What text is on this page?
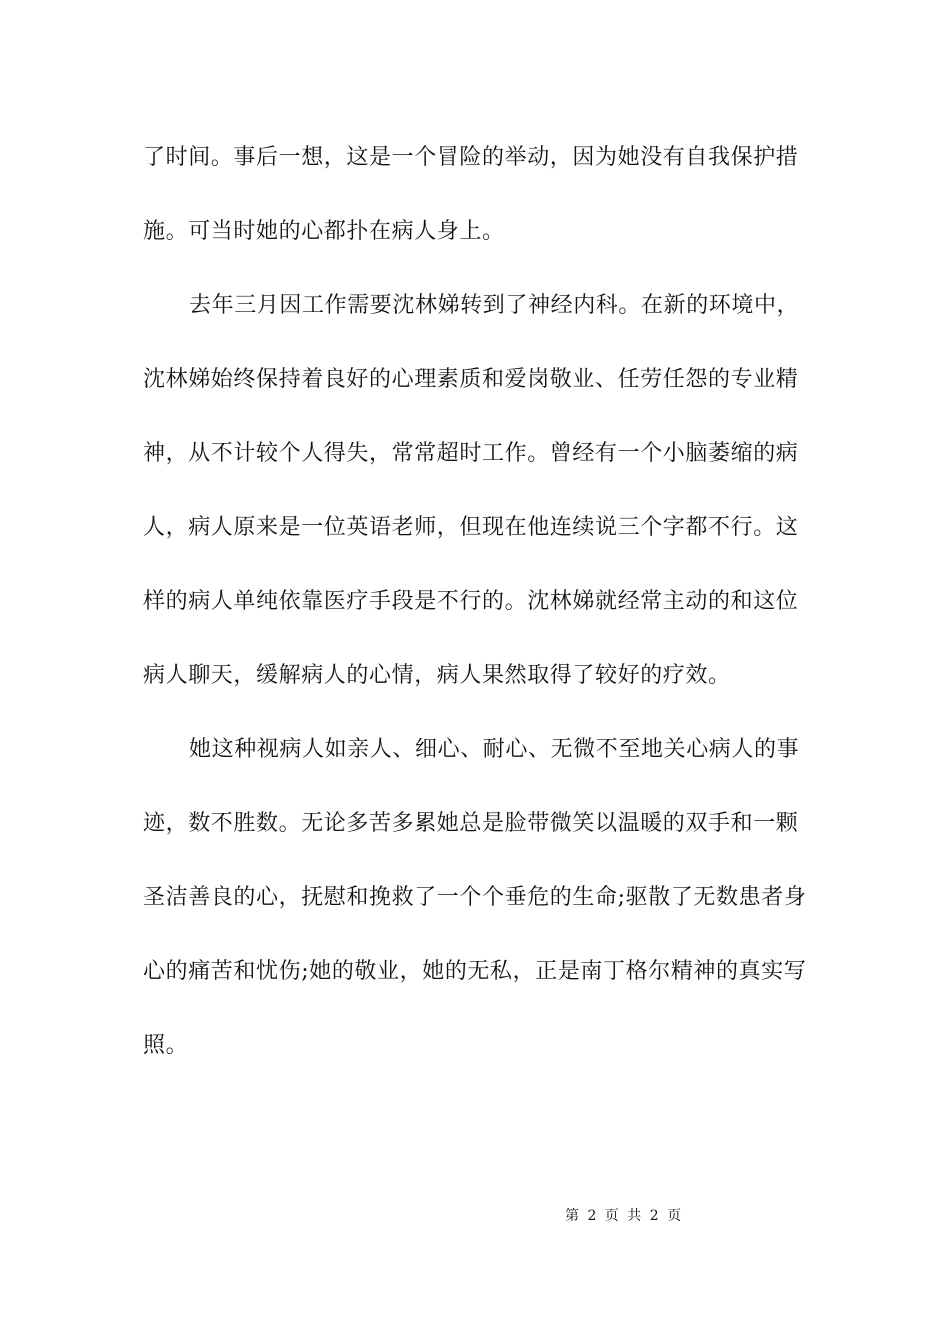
了时间。事后一想，这是一个冒险的举动，因为她没有自我保护措
施。可当时她的心都扑在病人身上。
去年三月因工作需要沈林娣转到了神经内科。在新的环境中，
沈林娣始终保持着良好的心理素质和爱岗敬业、任劳任怨的专业精
神，从不计较个人得失，常常超时工作。曾经有一个小脑萎缩的病
人，病人原来是一位英语老师，但现在他连续说三个字都不行。这
样的病人单纯依靠医疗手段是不行的。沈林娣就经常主动的和这位
病人聊天，缓解病人的心情，病人果然取得了较好的疗效。
她这种视病人如亲人、细心、耐心、无微不至地关心病人的事
迹，数不胜数。无论多苦多累她总是脸带微笑以温暖的双手和一颗
圣洁善良的心，抚慰和挽救了一个个垂危的生命;驱散了无数患者身
心的痛苦和忧伤;她的敬业，她的无私，正是南丁格尔精神的真实写
照。
第 2 页 共 2 页
